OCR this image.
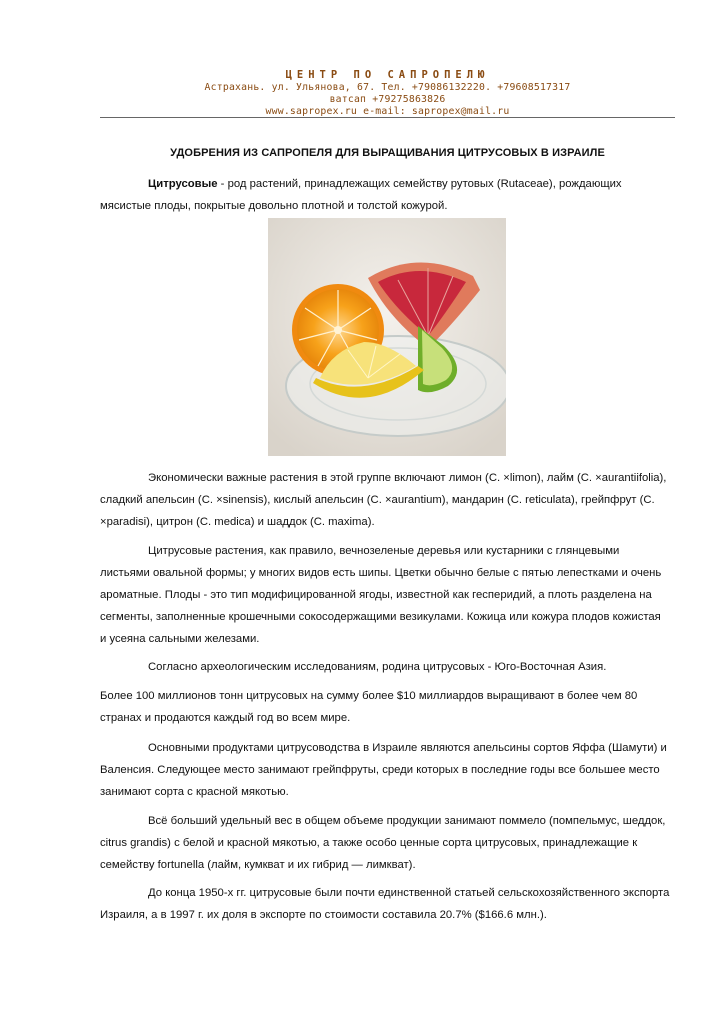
ЦЕНТР ПО САПРОПЕЛЮ
Астрахань. ул. Ульянова, 67. Тел. +79086132220. +79608517317
ватсап +79275863826
www.sapropex.ru e-mail: sapropex@mail.ru
УДОБРЕНИЯ ИЗ САПРОПЕЛЯ ДЛЯ ВЫРАЩИВАНИЯ ЦИТРУСОВЫХ В ИЗРАИЛЕ

Цитрусовые - род растений, принадлежащих семейству рутовых (Rutaceae), рождающих мясистые плоды, покрытые довольно плотной и толстой кожурой.

Экономически важные растения в этой группе включают лимон (C. ×limon), лайм (C. ×aurantiifolia), сладкий апельсин (C. ×sinensis), кислый апельсин (C. ×aurantium), мандарин (C. reticulata), грейпфрут (C. ×paradisi), цитрон (C. medica) и шаддок (C. maxima).

Цитрусовые растения, как правило, вечнозеленые деревья или кустарники с глянцевыми листьями овальной формы; у многих видов есть шипы. Цветки обычно белые с пятью лепестками и очень ароматные. Плоды - это тип модифицированной ягоды, известной как гесперидий, а плоть разделена на сегменты, заполненные крошечными сокосодержащими везикулами. Кожица или кожура плодов кожистая и усеяна сальными железами.

Согласно археологическим исследованиям, родина цитрусовых - Юго-Восточная Азия.

Более 100 миллионов тонн цитрусовых на сумму более $10 миллиардов выращивают в более чем 80 странах и продаются каждый год во всем мире.

Основными продуктами цитрусоводства в Израиле являются апельсины сортов Яффа (Шамути) и Валенсия. Следующее место занимают грейпфруты, среди которых в последние годы все большее место занимают сорта с красной мякотью.

Всё больший удельный вес в общем объеме продукции занимают поммело (помпельмус, шеддок, citrus grandis) с белой и красной мякотью, а также особо ценные сорта цитрусовых, принадлежащие к семейству fortunella (лайм, кумкват и их гибрид — лимкват).

До конца 1950-х гг. цитрусовые были почти единственной статьей сельскохозяйственного экспорта Израиля, а в 1997 г. их доля в экспорте по стоимости составила 20.7% ($166.6 млн.).
